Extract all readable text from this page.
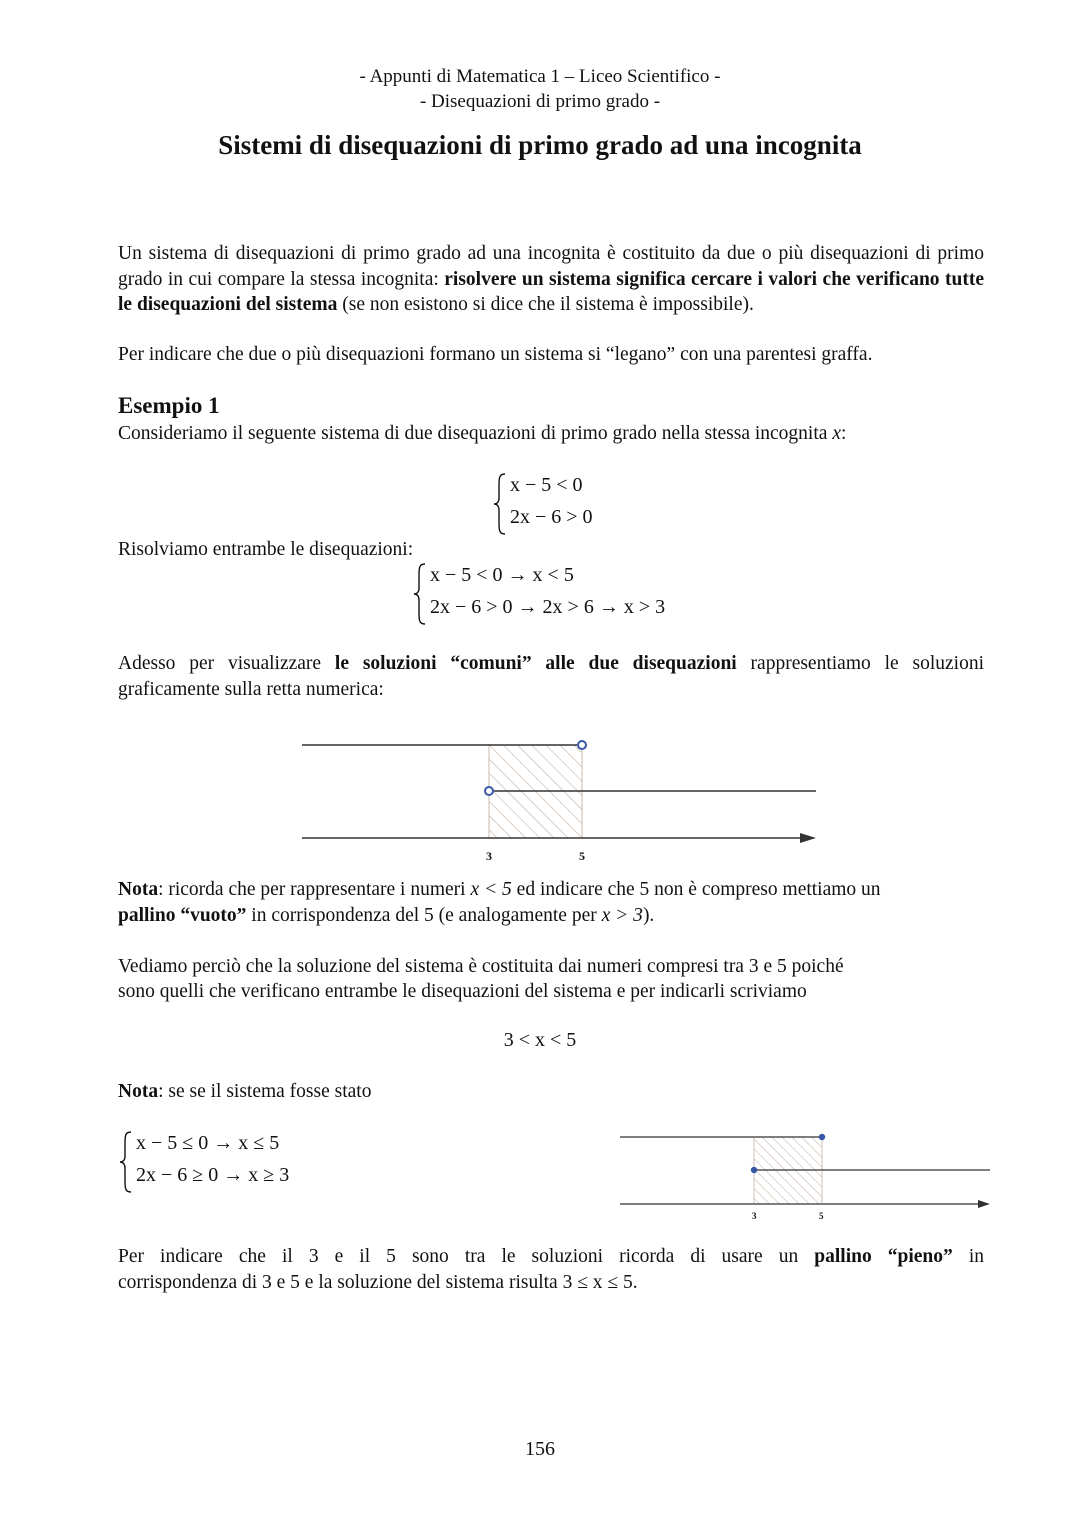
- Appunti di Matematica 1 – Liceo Scientifico -
- Disequazioni di primo grado -
Sistemi di disequazioni di primo grado ad una incognita
Un sistema di disequazioni di primo grado ad una incognita è costituito da due o più disequazioni di primo grado in cui compare la stessa incognita: risolvere un sistema significa cercare i valori che verificano tutte le disequazioni del sistema (se non esistono si dice che il sistema è impossibile).
Per indicare che due o più disequazioni formano un sistema si “legano” con una parentesi graffa.
Esempio 1
Consideriamo il seguente sistema di due disequazioni di primo grado nella stessa incognita x:
x − 5 < 0
2x − 6 > 0
Risolviamo entrambe le disequazioni:
x − 5 < 0 → x < 5
2x − 6 > 0 → 2x > 6 → x > 3
Adesso per visualizzare le soluzioni “comuni” alle due disequazioni rappresentiamo le soluzioni graficamente sulla retta numerica:
3	5
Nota: ricorda che per rappresentare i numeri x < 5 ed indicare che 5 non è compreso mettiamo un
pallino “vuoto” in corrispondenza del 5 (e analogamente per x > 3).
Vediamo perciò che la soluzione del sistema è costituita dai numeri compresi tra 3 e 5 poiché
sono quelli che verificano entrambe le disequazioni del sistema e per indicarli scriviamo
3 < x < 5
Nota: se se il sistema fosse stato
x − 5 ≤ 0 → x ≤ 5
2x − 6 ≥ 0 → x ≥ 3
3	5
Per indicare che il 3 e il 5 sono tra le soluzioni ricorda di usare un pallino “pieno” in
corrispondenza di 3 e 5 e la soluzione del sistema risulta 3 ≤ x ≤ 5.
156
